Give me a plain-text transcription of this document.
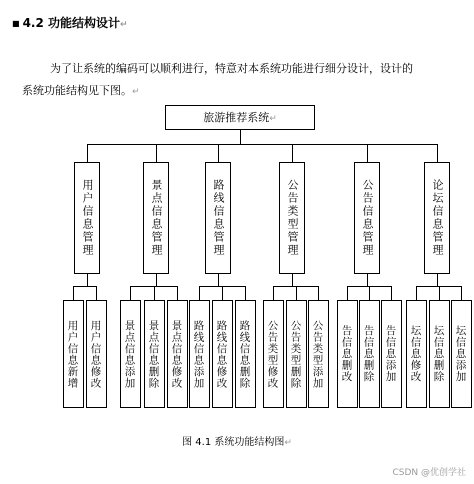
■ 4.2 功能结构设计↵
为了让系统的编码可以顺利进行，特意对本系统功能进行细分设计，设计的
系统功能结构见下图。↵
旅游推荐系统↵
用户信息管理
用户信息新增 用户信息修改
景点信息管理
景点信息添加 景点信息删除 景点信息修改
路线信息管理
路线信息添加 路线信息修改 路线信息删除
公告类型管理
公告类型修改 公告类型删除 公告类型添加
公告信息管理
告信息删改 告信息删除 告信息添加
论坛信息管理
坛信息修改 坛信息删除 坛信息添加
图 4.1 系统功能结构图↵
CSDN @优创学社
